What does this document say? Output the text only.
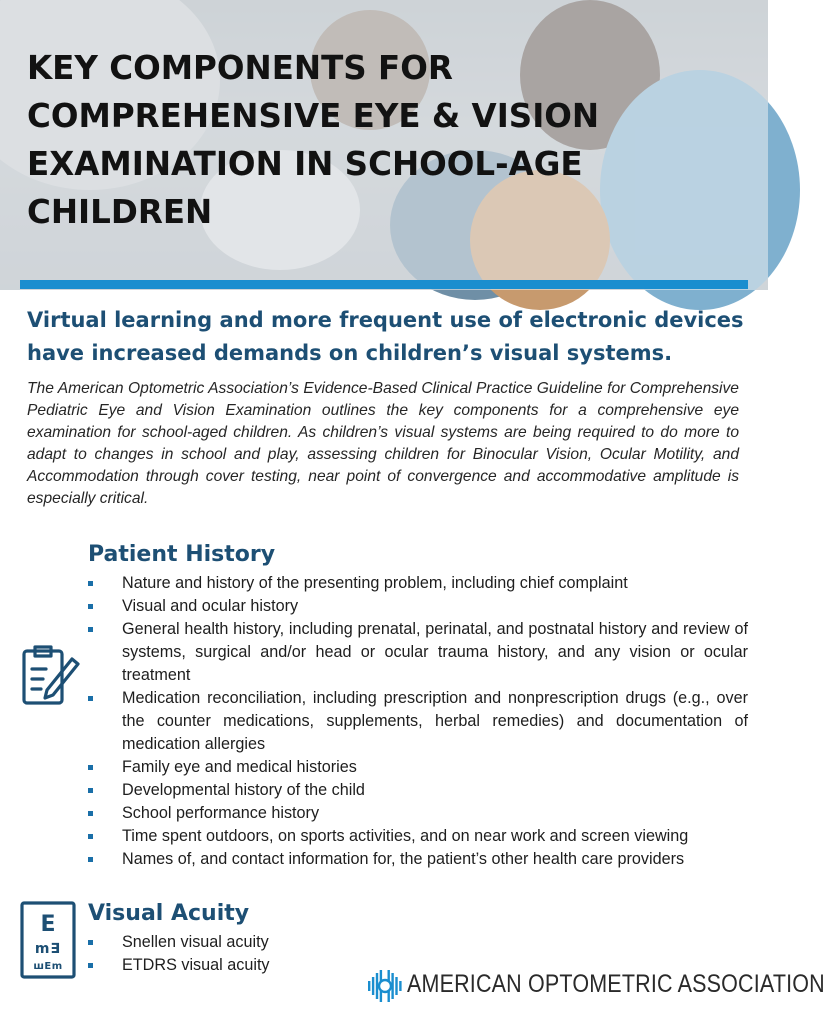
KEY COMPONENTS FOR COMPREHENSIVE EYE & VISION EXAMINATION IN SCHOOL-AGE CHILDREN
Virtual learning and more frequent use of electronic devices have increased demands on children’s visual systems.

The American Optometric Association’s Evidence-Based Clinical Practice Guideline for Comprehensive Pediatric Eye and Vision Examination outlines the key components for a comprehensive eye examination for school-aged children. As children’s visual systems are being required to do more to adapt to changes in school and play, assessing children for Binocular Vision, Ocular Motility, and Accommodation through cover testing, near point of convergence and accommodative amplitude is especially critical.

Patient History
Nature and history of the presenting problem, including chief complaint
Visual and ocular history
General health history, including prenatal, perinatal, and postnatal history and review of systems, surgical and/or head or ocular trauma history, and any vision or ocular treatment
Medication reconciliation, including prescription and nonprescription drugs (e.g., over the counter medications, supplements, herbal remedies) and documentation of medication allergies
Family eye and medical histories
Developmental history of the child
School performance history
Time spent outdoors, on sports activities, and on near work and screen viewing
Names of, and contact information for, the patient’s other health care providers
E
m∃
шEm
Visual Acuity
Snellen visual acuity
ETDRS visual acuity
AMERICAN OPTOMETRIC ASSOCIATION
